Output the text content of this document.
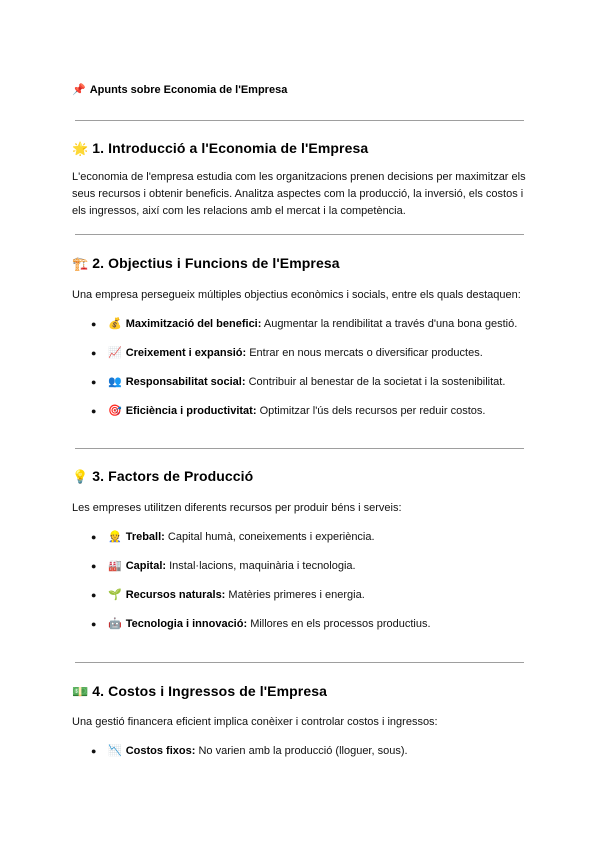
📌 Apunts sobre Economia de l'Empresa
🌟 1. Introducció a l'Economia de l'Empresa

L'economia de l'empresa estudia com les organitzacions prenen decisions per maximitzar els seus recursos i obtenir beneficis. Analitza aspectes com la producció, la inversió, els costos i els ingressos, així com les relacions amb el mercat i la competència.

🏗️ 2. Objectius i Funcions de l'Empresa

Una empresa persegueix múltiples objectius econòmics i socials, entre els quals destaquen:

● 💰 Maximització del benefici: Augmentar la rendibilitat a través d'una bona gestió.
● 📈 Creixement i expansió: Entrar en nous mercats o diversificar productes.
● 👥 Responsabilitat social: Contribuir al benestar de la societat i la sostenibilitat.
● 🎯 Eficiència i productivitat: Optimitzar l'ús dels recursos per reduir costos.
💡 3. Factors de Producció

Les empreses utilitzen diferents recursos per produir béns i serveis:

● 👷 Treball: Capital humà, coneixements i experiència.
● 🏭 Capital: Instal·lacions, maquinària i tecnologia.
● 🌱 Recursos naturals: Matèries primeres i energia.
● 🤖 Tecnologia i innovació: Millores en els processos productius.
💵 4. Costos i Ingressos de l'Empresa

Una gestió financera eficient implica conèixer i controlar costos i ingressos:

● 📉 Costos fixos: No varien amb la producció (lloguer, sous).
